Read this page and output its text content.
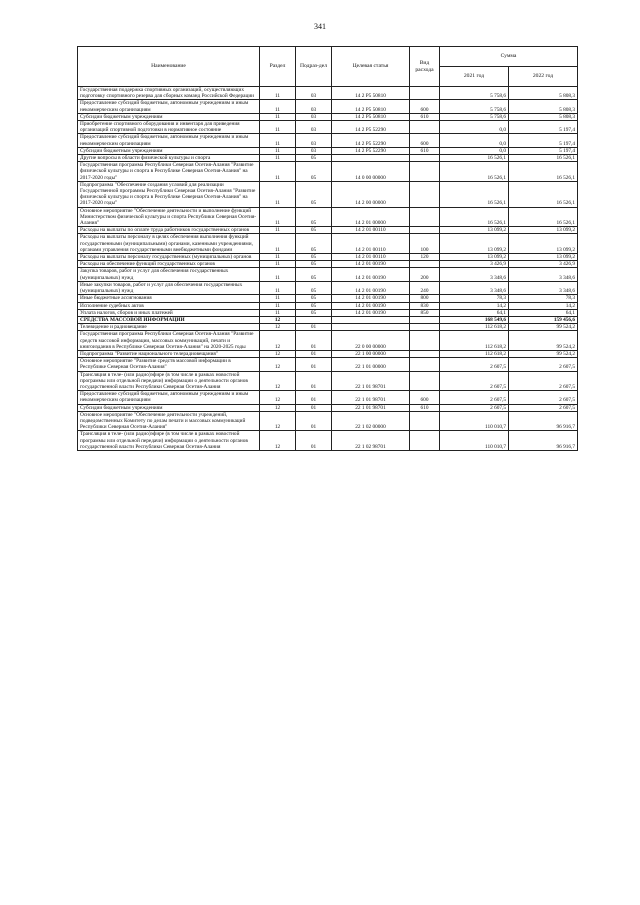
341
Наименование	Раздел	Подраз-дел	Целевая статья	Вид расхода	Сумма	
					2021 год	2022 год
Государственная поддержка спортивных организаций, осуществляющих подготовку спортивного резерва для сборных команд Российской Федерации	11	03	14 2 Р5 50810		5 758,6	5 808,3
Предоставление субсидий бюджетным, автономным учреждениям и иным некоммерческим организациям	11	03	14 2 Р5 50810	600	5 758,6	5 808,3
Субсидии бюджетным учреждениям	11	03	14 2 Р5 50810	610	5 758,6	5 808,3
Приобретение спортивного оборудования и инвентаря для приведения организаций спортивной подготовки в нормативное состояние	11	03	14 2 Р5 52290		0,0	5 197,4
Предоставление субсидий бюджетным, автономным учреждениям и иным некоммерческим организациям	11	03	14 2 Р5 52290	600	0,0	5 197,4
Субсидии бюджетным учреждениям	11	03	14 2 Р5 52290	610	0,0	5 197,4
Другие вопросы в области физической культуры и спорта	11	05			16 526,1	16 526,1
Государственная программа Республики Северная Осетия-Алания "Развитие физической культуры и спорта в Республике Северная Осетия-Алания" на 2017-2020 годы"	11	05	14 0 00 00000		16 526,1	16 526,1
Подпрограмма "Обеспечение создания условий для реализации Государственной программы Республики Северная Осетия-Алания "Развитие физической культуры и спорта в Республике Северная Осетия-Алания" на 2017-2020 годы"	11	05	14 2 00 00000		16 526,1	16 526,1
Основное мероприятие "Обеспечение деятельности и выполнение функций Министерством физической культуры и спорта Республики Северная Осетия-Алания"	11	05	14 2 01 00000		16 526,1	16 526,1
Расходы на выплаты по оплате труда работников государственных органов	11	05	14 2 01 00110		13 099,2	13 099,2
Расходы на выплаты персоналу в целях обеспечения выполнения функций государственными (муниципальными) органами, казенными учреждениями, органами управления государственными внебюджетными фондами	11	05	14 2 01 00110	100	13 099,2	13 099,2
Расходы на выплаты персоналу государственных (муниципальных) органов	11	05	14 2 01 00110	120	13 099,2	13 099,2
Расходы на обеспечение функций государственных органов	11	05	14 2 01 00190		3 426,9	3 426,9
Закупка товаров, работ и услуг для обеспечения государственных (муниципальных) нужд	11	05	14 2 01 00190	200	3 348,6	3 348,6
Иные закупки товаров, работ и услуг для обеспечения государственных (муниципальных) нужд	11	05	14 2 01 00190	240	3 348,6	3 348,6
Иные бюджетные ассигнования	11	05	14 2 01 00190	800	78,3	78,3
Исполнение судебных актов	11	05	14 2 01 00190	830	14,2	14,2
Уплата налогов, сборов и иных платежей	11	05	14 2 01 00190	850	64,1	64,1
СРЕДСТВА МАССОВОЙ ИНФОРМАЦИИ	12				168 549,6	159 456,6
Телевидение и радиовещание	12	01			112 618,2	99 524,2
Государственная программа Республики Северная Осетия-Алания "Развитие средств массовой информации, массовых коммуникаций, печати и книгоиздания в Республике Северная Осетия-Алания" на 2020-2025 годы	12	01	22 0 00 00000		112 618,2	99 524,2
Подпрограмма "Развитие национального телерадиовещания"	12	01	22 1 00 00000		112 618,2	99 524,2
Основное мероприятие "Развитие средств массовой информации в Республике Северная Осетия-Алания"	12	01	22 1 01 00000		2 607,5	2 607,5
Трансляция в теле- (или радио)эфире (в том числе в рамках новостной программы или отдельной передачи) информации о деятельности органов государственной власти Республики Северная Осетия-Алания	12	01	22 1 01 98701		2 607,5	2 607,5
Предоставление субсидий бюджетным, автономным учреждениям и иным некоммерческим организациям	12	01	22 1 01 98701	600	2 607,5	2 607,5
Субсидии бюджетным учреждениям	12	01	22 1 01 98701	610	2 607,5	2 607,5
Основное мероприятие "Обеспечение деятельности учреждений, подведомственных Комитету по делам печати и массовых коммуникаций Республики Северная Осетия-Алания"	12	01	22 1 02 00000		110 010,7	96 916,7
Трансляция в теле- (или радио)эфире (в том числе в рамках новостной программы или отдельной передачи) информации о деятельности органов государственной власти Республики Северная Осетия-Алания	12	01	22 1 02 98701		110 010,7	96 916,7
